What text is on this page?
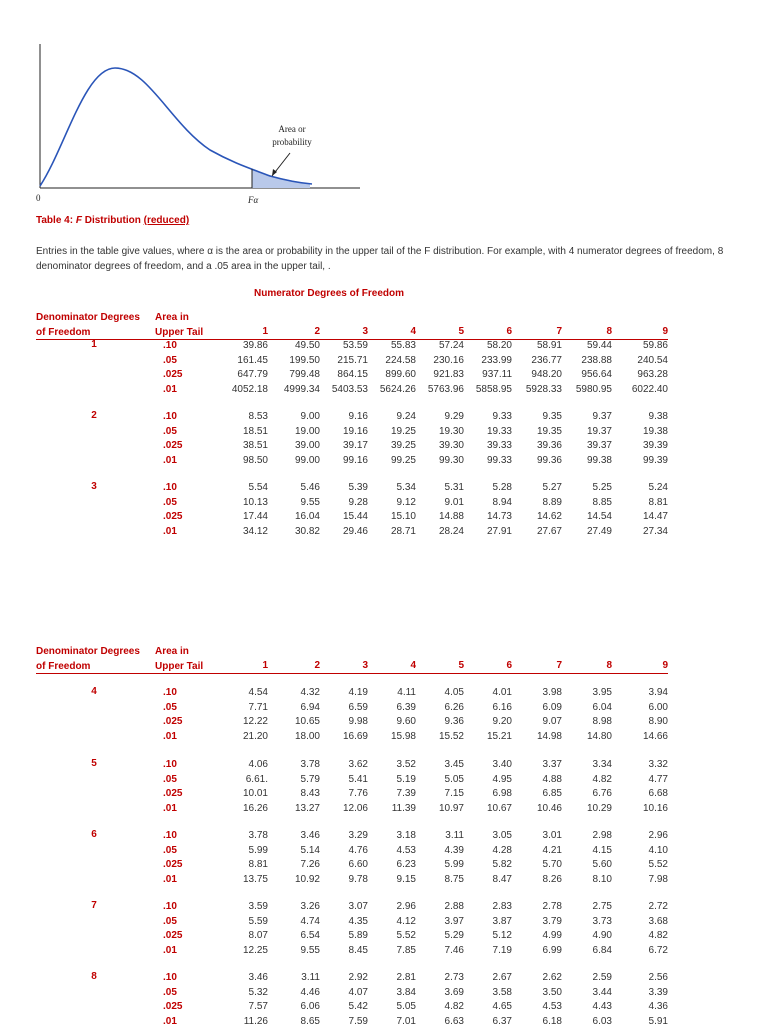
0
Area or
probability
Fα
Table 4: F Distribution (reduced)
Entries in the table give values, where α is the area or probability in the upper tail of the F distribution. For example, with 4 numerator degrees of freedom, 8 denominator degrees of freedom, and a .05 area in the upper tail, .
Numerator Degrees of Freedom
Denominator Degrees
of Freedom
Area in
Upper Tail	1	2	3	4	5	6	7	8	9
1	.10	39.86	49.50	53.59	55.83	57.24	58.20	58.91	59.44	59.86
.05	161.45	199.50	215.71	224.58	230.16	233.99	236.77	238.88	240.54
.025	647.79	799.48	864.15	899.60	921.83	937.11	948.20	956.64	963.28
.01	4052.18	4999.34	5403.53	5624.26	5763.96	5858.95	5928.33	5980.95	6022.40
2	.10	8.53	9.00	9.16	9.24	9.29	9.33	9.35	9.37	9.38
.05	18.51	19.00	19.16	19.25	19.30	19.33	19.35	19.37	19.38
.025	38.51	39.00	39.17	39.25	39.30	39.33	39.36	39.37	39.39
.01	98.50	99.00	99.16	99.25	99.30	99.33	99.36	99.38	99.39
3	.10	5.54	5.46	5.39	5.34	5.31	5.28	5.27	5.25	5.24
.05	10.13	9.55	9.28	9.12	9.01	8.94	8.89	8.85	8.81
.025	17.44	16.04	15.44	15.10	14.88	14.73	14.62	14.54	14.47
.01	34.12	30.82	29.46	28.71	28.24	27.91	27.67	27.49	27.34
Denominator Degrees
of Freedom
Area in
Upper Tail	1	2	3	4	5	6	7	8	9
4	.10	4.54	4.32	4.19	4.11	4.05	4.01	3.98	3.95	3.94
.05	7.71	6.94	6.59	6.39	6.26	6.16	6.09	6.04	6.00
.025	12.22	10.65	9.98	9.60	9.36	9.20	9.07	8.98	8.90
.01	21.20	18.00	16.69	15.98	15.52	15.21	14.98	14.80	14.66
5	.10	4.06	3.78	3.62	3.52	3.45	3.40	3.37	3.34	3.32
.05	6.61.	5.79	5.41	5.19	5.05	4.95	4.88	4.82	4.77
.025	10.01	8.43	7.76	7.39	7.15	6.98	6.85	6.76	6.68
.01	16.26	13.27	12.06	11.39	10.97	10.67	10.46	10.29	10.16
6	.10	3.78	3.46	3.29	3.18	3.11	3.05	3.01	2.98	2.96
.05	5.99	5.14	4.76	4.53	4.39	4.28	4.21	4.15	4.10
.025	8.81	7.26	6.60	6.23	5.99	5.82	5.70	5.60	5.52
.01	13.75	10.92	9.78	9.15	8.75	8.47	8.26	8.10	7.98
7	.10	3.59	3.26	3.07	2.96	2.88	2.83	2.78	2.75	2.72
.05	5.59	4.74	4.35	4.12	3.97	3.87	3.79	3.73	3.68
.025	8.07	6.54	5.89	5.52	5.29	5.12	4.99	4.90	4.82
.01	12.25	9.55	8.45	7.85	7.46	7.19	6.99	6.84	6.72
8	.10	3.46	3.11	2.92	2.81	2.73	2.67	2.62	2.59	2.56
.05	5.32	4.46	4.07	3.84	3.69	3.58	3.50	3.44	3.39
.025	7.57	6.06	5.42	5.05	4.82	4.65	4.53	4.43	4.36
.01	11.26	8.65	7.59	7.01	6.63	6.37	6.18	6.03	5.91
